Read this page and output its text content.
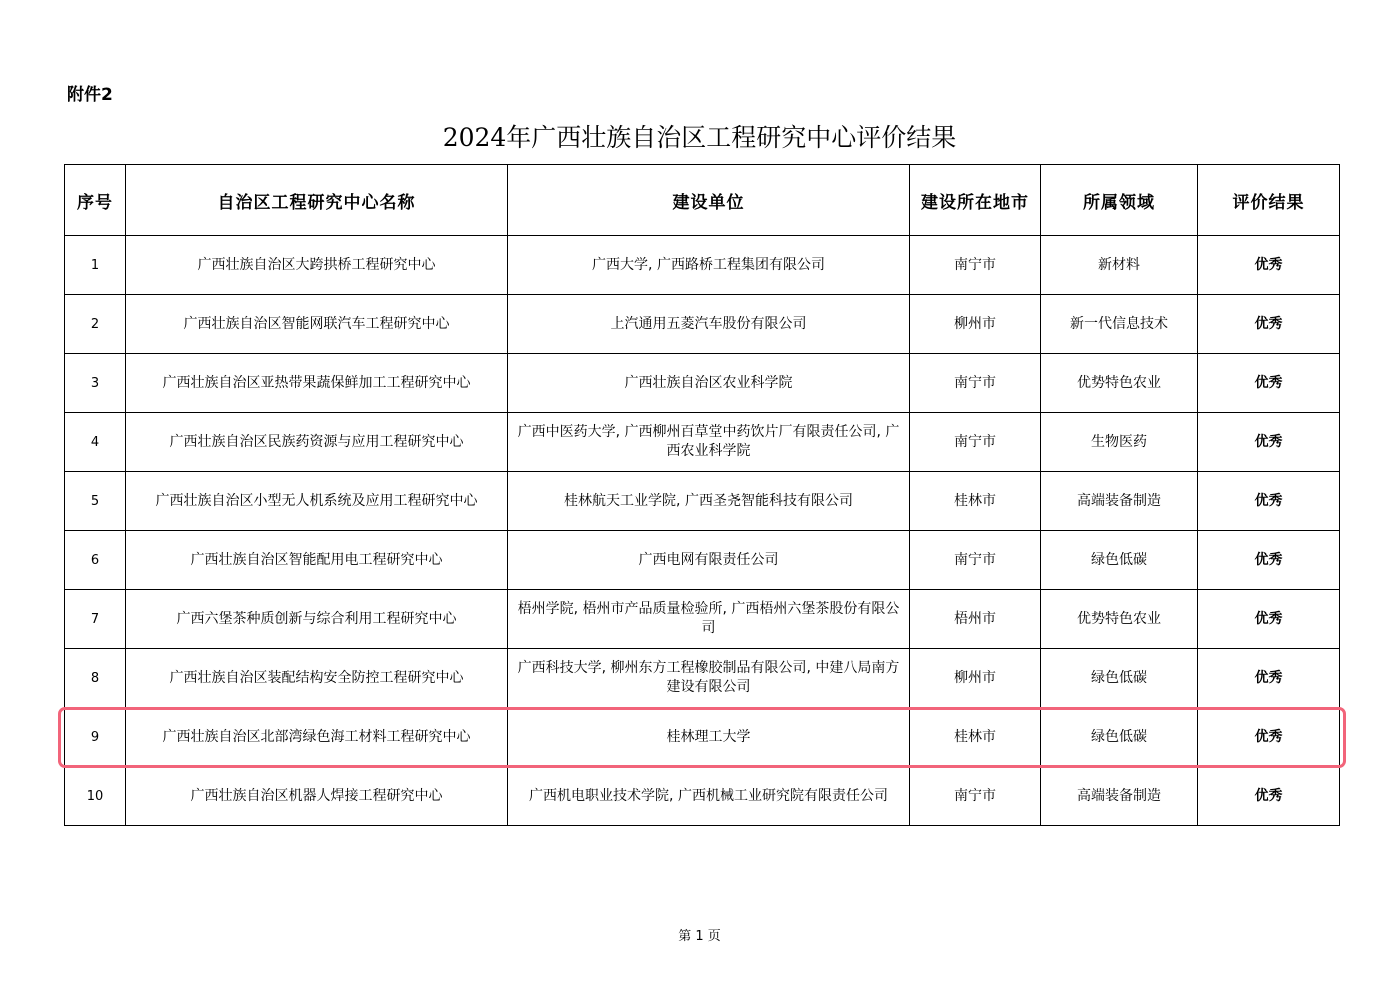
附件2
2024年广西壮族自治区工程研究中心评价结果
序号	自治区工程研究中心名称	建设单位	建设所在地市	所属领域	评价结果
1	广西壮族自治区大跨拱桥工程研究中心	广西大学, 广西路桥工程集团有限公司	南宁市	新材料	优秀
2	广西壮族自治区智能网联汽车工程研究中心	上汽通用五菱汽车股份有限公司	柳州市	新一代信息技术	优秀
3	广西壮族自治区亚热带果蔬保鲜加工工程研究中心	广西壮族自治区农业科学院	南宁市	优势特色农业	优秀
4	广西壮族自治区民族药资源与应用工程研究中心	广西中医药大学, 广西柳州百草堂中药饮片厂有限责任公司, 广西农业科学院	南宁市	生物医药	优秀
5	广西壮族自治区小型无人机系统及应用工程研究中心	桂林航天工业学院, 广西圣尧智能科技有限公司	桂林市	高端装备制造	优秀
6	广西壮族自治区智能配用电工程研究中心	广西电网有限责任公司	南宁市	绿色低碳	优秀
7	广西六堡茶种质创新与综合利用工程研究中心	梧州学院, 梧州市产品质量检验所, 广西梧州六堡茶股份有限公司	梧州市	优势特色农业	优秀
8	广西壮族自治区装配结构安全防控工程研究中心	广西科技大学, 柳州东方工程橡胶制品有限公司, 中建八局南方建设有限公司	柳州市	绿色低碳	优秀
9	广西壮族自治区北部湾绿色海工材料工程研究中心	桂林理工大学	桂林市	绿色低碳	优秀
10	广西壮族自治区机器人焊接工程研究中心	广西机电职业技术学院, 广西机械工业研究院有限责任公司	南宁市	高端装备制造	优秀
第 1 页
